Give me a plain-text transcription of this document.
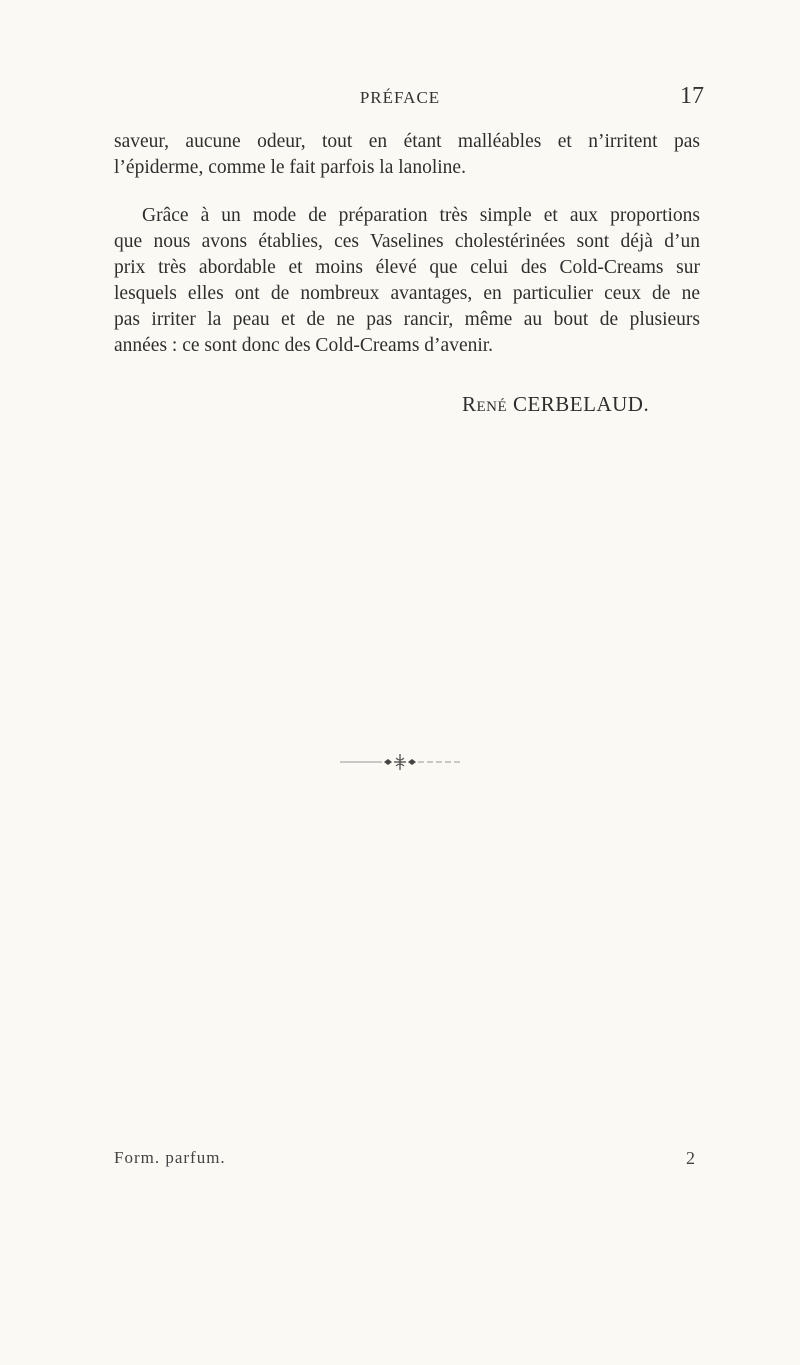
PRÉFACE	17
saveur, aucune odeur, tout en étant malléables et n’irritent pas
l’épiderme, comme le fait parfois la lanoline.
Grâce à un mode de préparation très simple et aux proportions
que nous avons établies, ces Vaselines cholestérinées sont déjà d’un
prix très abordable et moins élevé que celui des Cold-Creams sur
lesquels elles ont de nombreux avantages, en particulier ceux de ne
pas irriter la peau et de ne pas rancir, même au bout de plusieurs
années : ce sont donc des Cold-Creams d’avenir.
RENÉ CERBELAUD.
Form. parfum.	2
